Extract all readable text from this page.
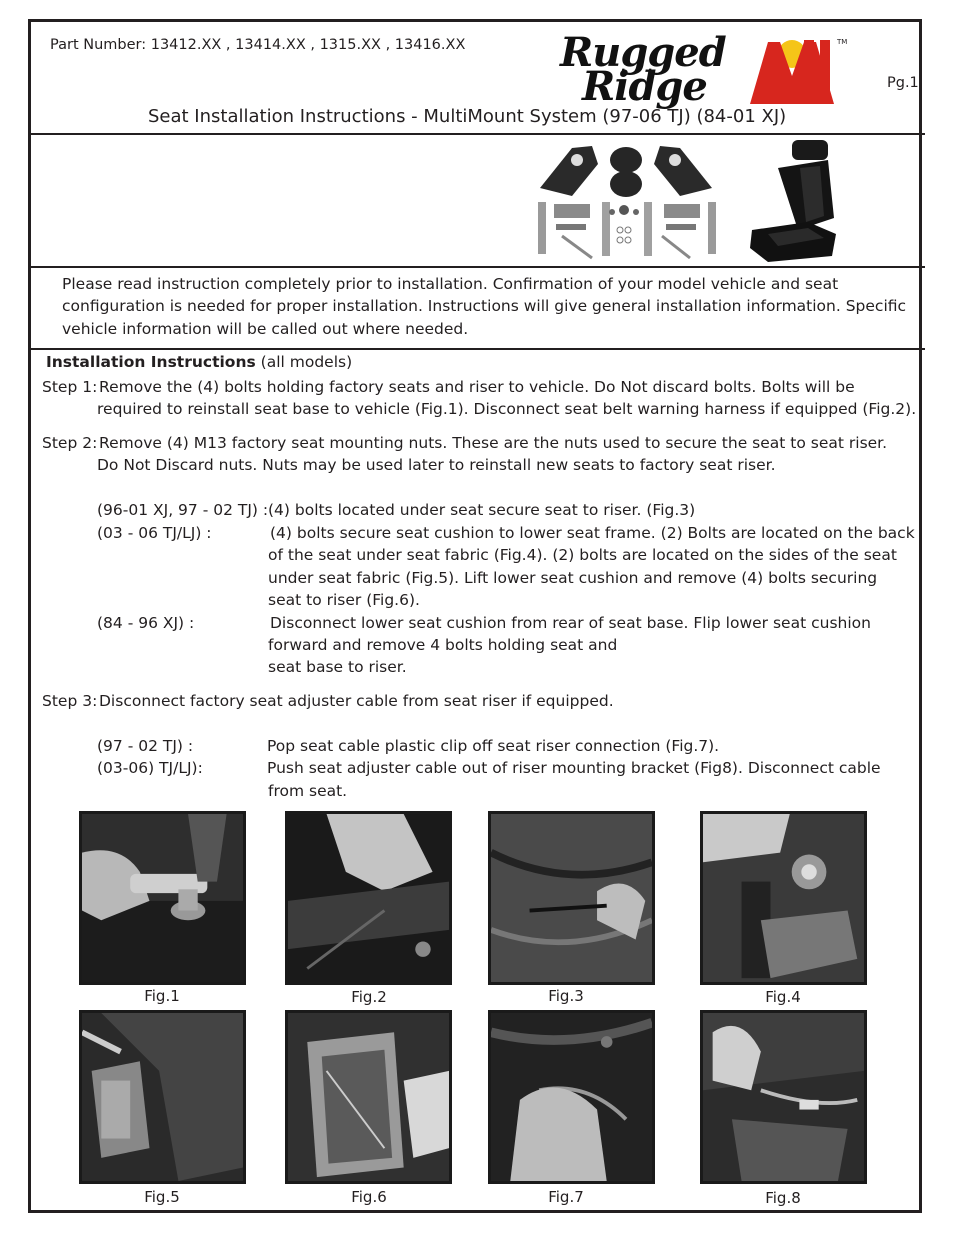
Part Number: 13412.XX , 13414.XX , 1315.XX , 13416.XX Rugged
Ridge
TM
Pg.1
Seat Installation Instructions - MultiMount System (97-06 TJ) (84-01 XJ)
Please read instruction completely prior to installation. Confirmation of your model vehicle and seat
configuration is needed for proper installation. Instructions will give general installation information. Specific
vehicle information will be called out where needed.
Installation Instructions (all models)
Step 1: Remove the (4) bolts holding factory seats and riser to vehicle. Do Not discard bolts. Bolts will be
required to reinstall seat base to vehicle (Fig.1). Disconnect seat belt warning harness if equipped (Fig.2).
Step 2: Remove (4) M13 factory seat mounting nuts. These are the nuts used to secure the seat to seat riser.
Do Not Discard nuts. Nuts may be used later to reinstall new seats to factory seat riser.
(96-01 XJ, 97 - 02 TJ) : (4) bolts located under seat secure seat to riser. (Fig.3)
(03 - 06 TJ/LJ) :	(4) bolts secure seat cushion to lower seat frame. (2) Bolts are located on the back
of the seat under seat fabric (Fig.4). (2) bolts are located on the sides of the seat
under seat fabric (Fig.5). Lift lower seat cushion and remove (4) bolts securing
seat to riser (Fig.6).
(84 - 96 XJ) :	Disconnect lower seat cushion from rear of seat base. Flip lower seat cushion
forward and remove 4 bolts holding seat and
seat base to riser.
Step 3: Disconnect factory seat adjuster cable from seat riser if equipped.
(97 - 02 TJ) :	Pop seat cable plastic clip off seat riser connection (Fig.7).
(03-06) TJ/LJ):	Push seat adjuster cable out of riser mounting bracket (Fig8). Disconnect cable
from seat.
Fig.1	Fig.2	Fig.3	Fig.4
Fig.5	Fig.6	Fig.7	Fig.8
